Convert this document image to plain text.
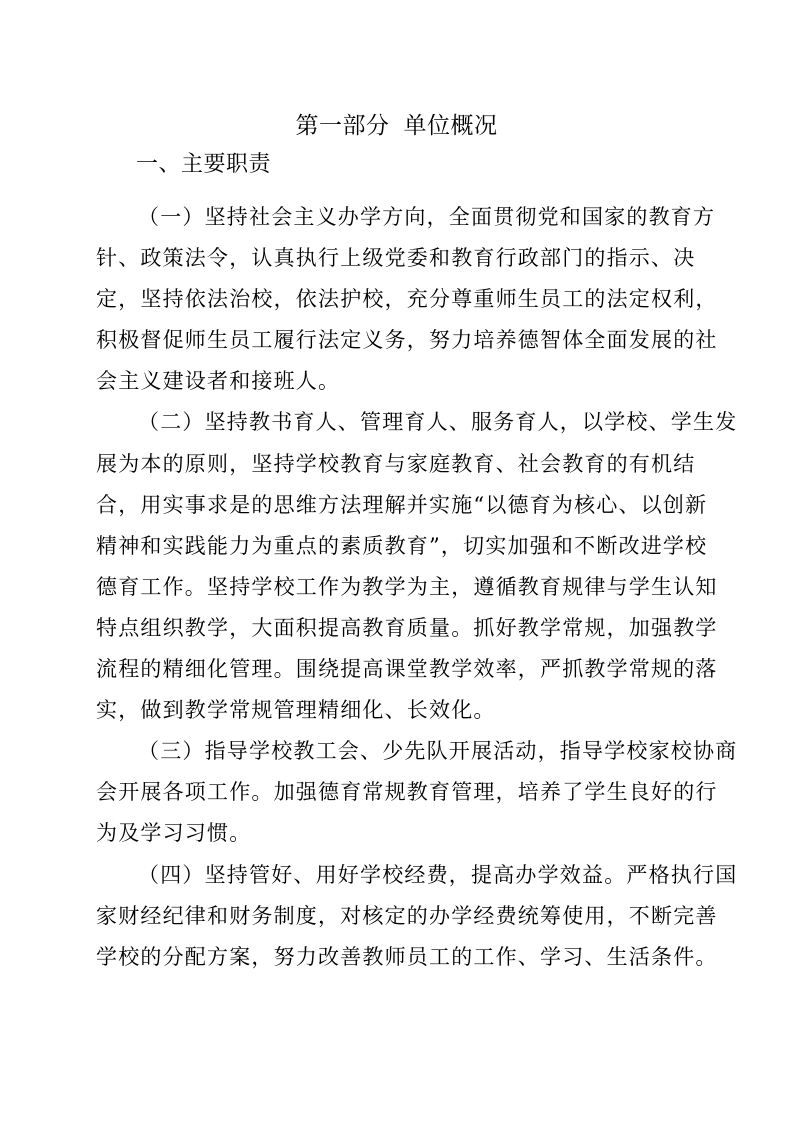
第一部分 单位概况
一、主要职责
（一）坚持社会主义办学方向，全面贯彻党和国家的教育方
针、政策法令，认真执行上级党委和教育行政部门的指示、决
定，坚持依法治校，依法护校，充分尊重师生员工的法定权利，
积极督促师生员工履行法定义务，努力培养德智体全面发展的社
会主义建设者和接班人。
（二）坚持教书育人、管理育人、服务育人，以学校、学生发
展为本的原则，坚持学校教育与家庭教育、社会教育的有机结
合，用实事求是的思维方法理解并实施“以德育为核心、以创新
精神和实践能力为重点的素质教育”，切实加强和不断改进学校
德育工作。坚持学校工作为教学为主，遵循教育规律与学生认知
特点组织教学，大面积提高教育质量。抓好教学常规，加强教学
流程的精细化管理。围绕提高课堂教学效率，严抓教学常规的落
实，做到教学常规管理精细化、长效化。
（三）指导学校教工会、少先队开展活动，指导学校家校协商
会开展各项工作。加强德育常规教育管理，培养了学生良好的行
为及学习习惯。
（四）坚持管好、用好学校经费，提高办学效益。严格执行国
家财经纪律和财务制度，对核定的办学经费统筹使用，不断完善
学校的分配方案，努力改善教师员工的工作、学习、生活条件。
